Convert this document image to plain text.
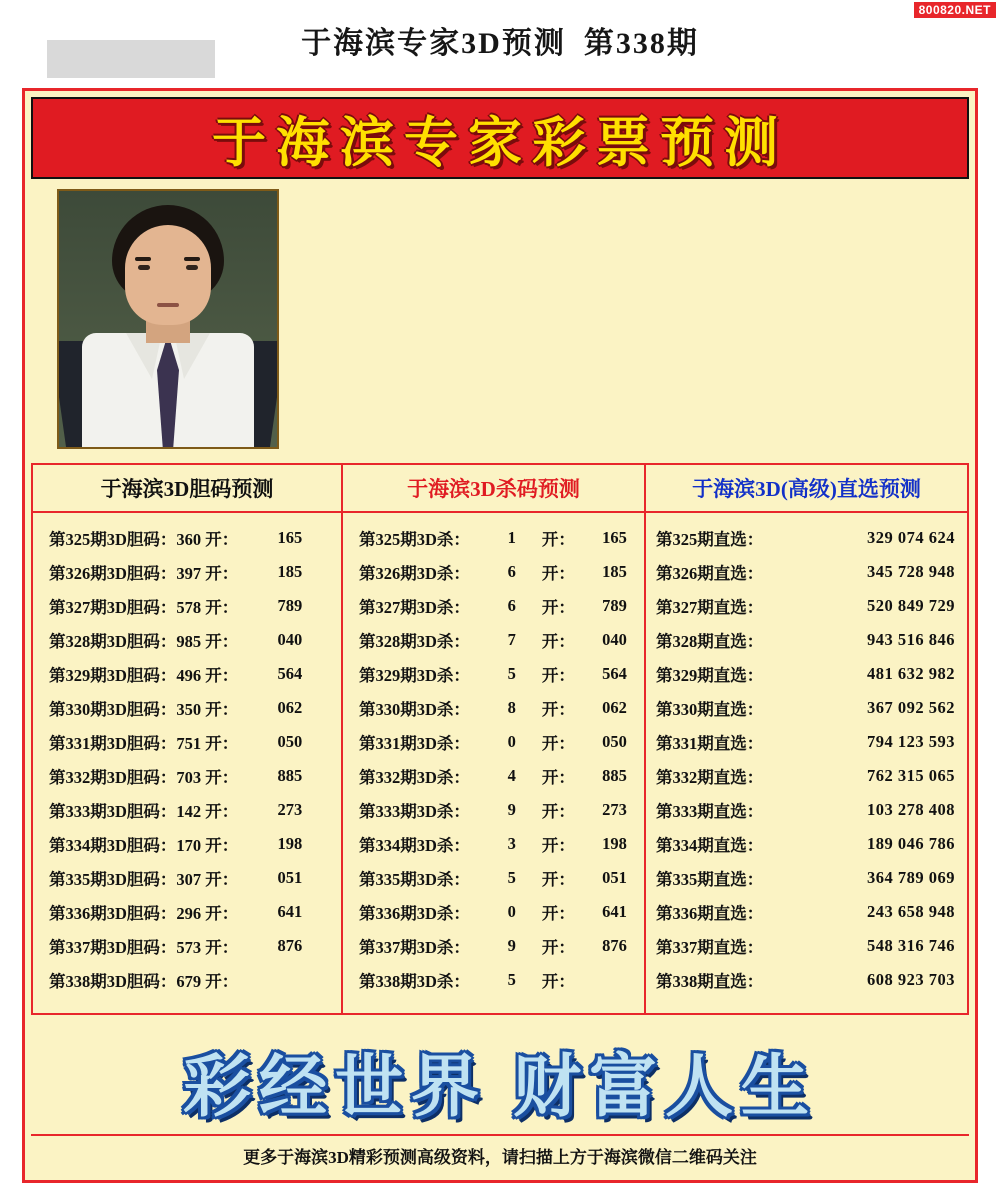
800820.NET
于海滨专家3D预测 第338期
于海滨专家彩票预测
于海滨3D胆码预测
第325期3D胆码：360 开：	165
第326期3D胆码：397 开：	185
第327期3D胆码：578 开：	789
第328期3D胆码：985 开：	040
第329期3D胆码：496 开：	564
第330期3D胆码：350 开：	062
第331期3D胆码：751 开：	050
第332期3D胆码：703 开：	885
第333期3D胆码：142 开：	273
第334期3D胆码：170 开：	198
第335期3D胆码：307 开：	051
第336期3D胆码：296 开：	641
第337期3D胆码：573 开：	876
第338期3D胆码：679 开：
于海滨3D杀码预测
第325期3D杀：	1	开：	165
第326期3D杀：	6	开：	185
第327期3D杀：	6	开：	789
第328期3D杀：	7	开：	040
第329期3D杀：	5	开：	564
第330期3D杀：	8	开：	062
第331期3D杀：	0	开：	050
第332期3D杀：	4	开：	885
第333期3D杀：	9	开：	273
第334期3D杀：	3	开：	198
第335期3D杀：	5	开：	051
第336期3D杀：	0	开：	641
第337期3D杀：	9	开：	876
第338期3D杀：	5	开：
于海滨3D(高级)直选预测
第325期直选：	329 074 624
第326期直选：	345 728 948
第327期直选：	520 849 729
第328期直选：	943 516 846
第329期直选：	481 632 982
第330期直选：	367 092 562
第331期直选：	794 123 593
第332期直选：	762 315 065
第333期直选：	103 278 408
第334期直选：	189 046 786
第335期直选：	364 789 069
第336期直选：	243 658 948
第337期直选：	548 316 746
第338期直选：	608 923 703
彩经世界 财富人生
更多于海滨3D精彩预测高级资料，请扫描上方于海滨微信二维码关注
